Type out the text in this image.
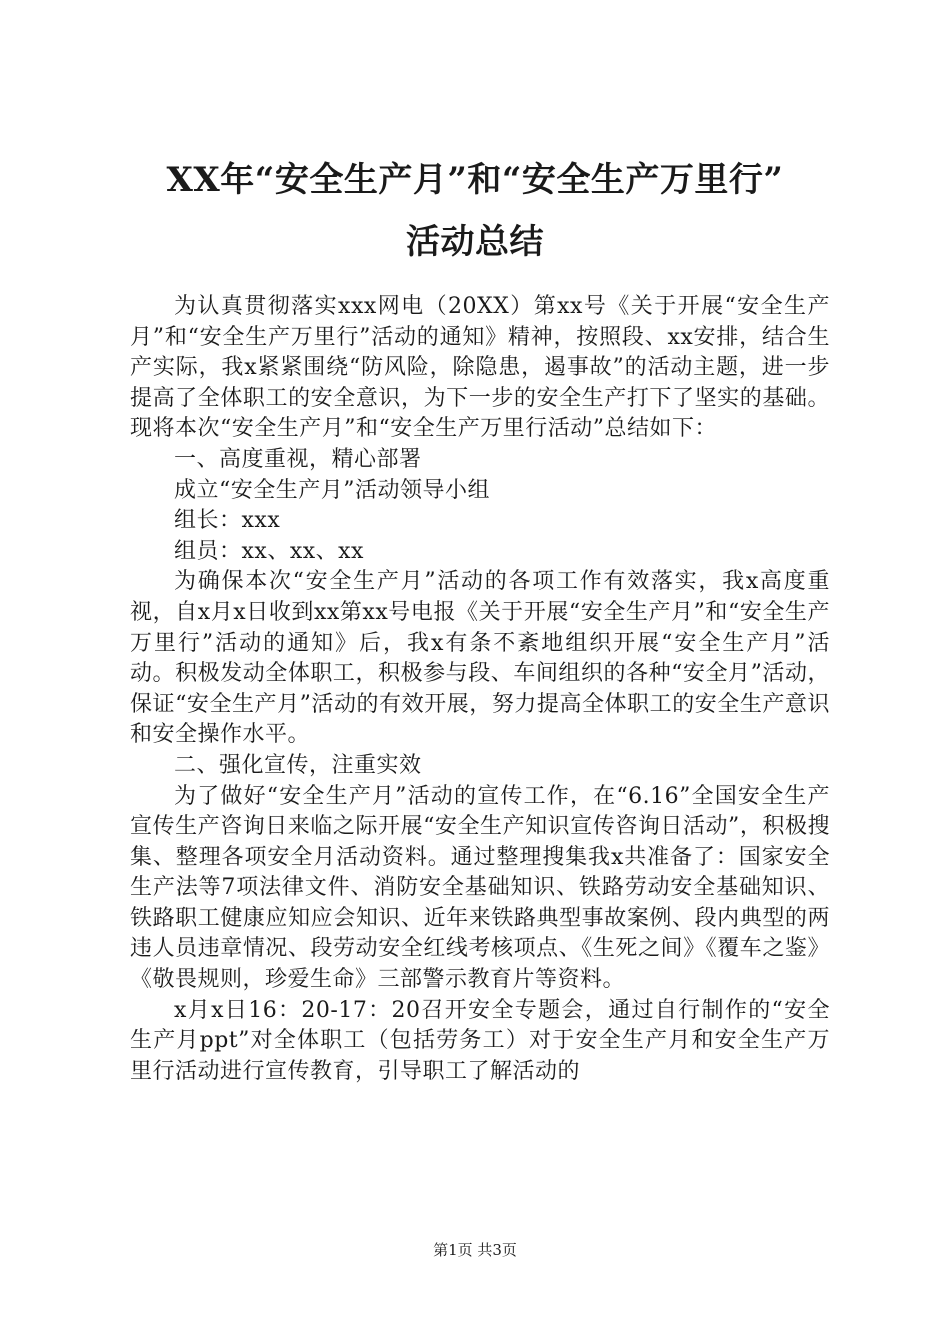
XX年“安全生产月”和“安全生产万里行”
活动总结

为认真贯彻落实xxx网电（20XX）第xx号《关于开展“安全生产月”和“安全生产万里行”活动的通知》精神，按照段、xx安排，结合生产实际，我x紧紧围绕“防风险，除隐患，遏事故”的活动主题，进一步提高了全体职工的安全意识，为下一步的安全生产打下了坚实的基础。现将本次“安全生产月”和“安全生产万里行活动”总结如下：

一、高度重视，精心部署

成立“安全生产月”活动领导小组

组长：xxx

组员：xx、xx、xx

为确保本次“安全生产月”活动的各项工作有效落实，我x高度重视，自x月x日收到xx第xx号电报《关于开展“安全生产月”和“安全生产万里行”活动的通知》后，我x有条不紊地组织开展“安全生产月”活动。积极发动全体职工，积极参与段、车间组织的各种“安全月”活动，保证“安全生产月”活动的有效开展，努力提高全体职工的安全生产意识和安全操作水平。

二、强化宣传，注重实效

为了做好“安全生产月”活动的宣传工作，在“6.16”全国安全生产宣传生产咨询日来临之际开展“安全生产知识宣传咨询日活动”，积极搜集、整理各项安全月活动资料。通过整理搜集我x共准备了：国家安全生产法等7项法律文件、消防安全基础知识、铁路劳动安全基础知识、铁路职工健康应知应会知识、近年来铁路典型事故案例、段内典型的两违人员违章情况、段劳动安全红线考核项点、《生死之间》《覆车之鉴》《敬畏规则，珍爱生命》三部警示教育片等资料。

x月x日16：20-17：20召开安全专题会，通过自行制作的“安全生产月ppt”对全体职工（包括劳务工）对于安全生产月和安全生产万里行活动进行宣传教育，引导职工了解活动的

第1页 共3页
